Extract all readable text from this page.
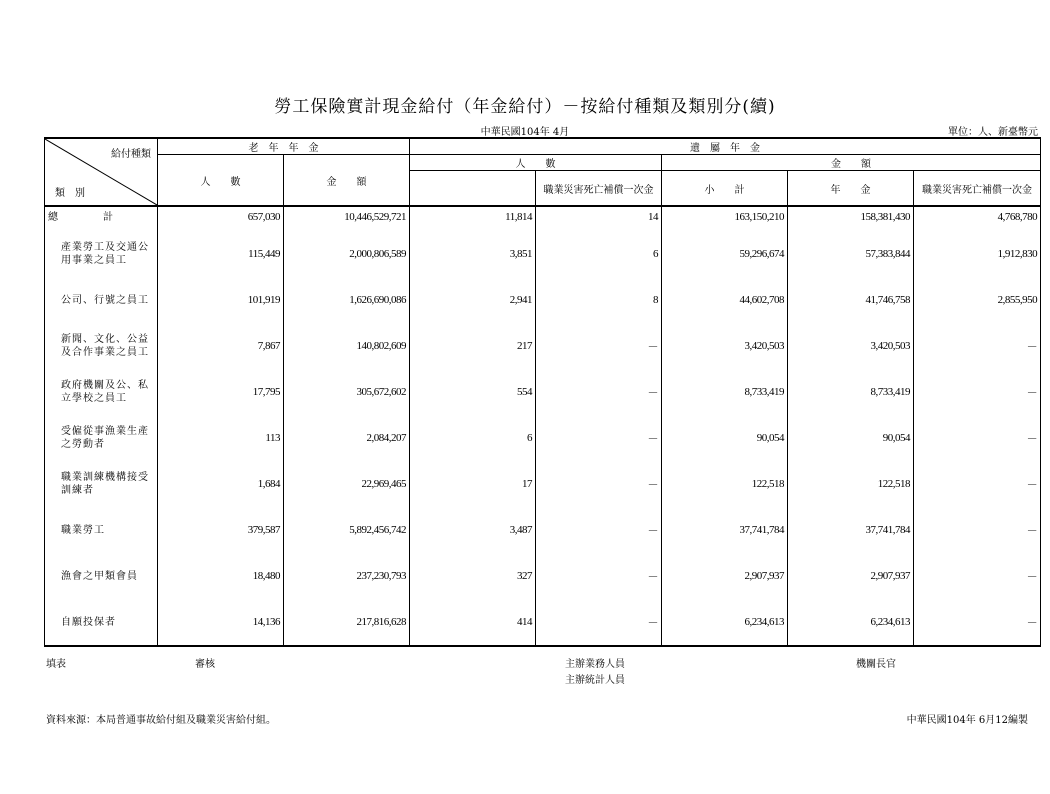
勞工保險實計現金給付（年金給付）－按給付種類及類別分(續)
中華民國104年 4月	單位：人、新臺幣元
給付種類
類　別	老　年　年　金		遺　屬　年　金				
	人　　數	金　　額	人　　數		金　　額		
				職業災害死亡補償一次金	小　　計	年　　金	職業災害死亡補償一次金
總　　　　計	657,030	10,446,529,721	11,814	14	163,150,210	158,381,430	4,768,780
產業勞工及交通公用事業之員工	115,449	2,000,806,589	3,851	6	59,296,674	57,383,844	1,912,830
公司、行號之員工	101,919	1,626,690,086	2,941	8	44,602,708	41,746,758	2,855,950
新聞、文化、公益及合作事業之員工	7,867	140,802,609	217	－	3,420,503	3,420,503	－
政府機關及公、私立學校之員工	17,795	305,672,602	554	－	8,733,419	8,733,419	－
受僱從事漁業生產之勞動者	113	2,084,207	6	－	90,054	90,054	－
職業訓練機構接受訓練者	1,684	22,969,465	17	－	122,518	122,518	－
職業勞工	379,587	5,892,456,742	3,487	－	37,741,784	37,741,784	－
漁會之甲類會員	18,480	237,230,793	327	－	2,907,937	2,907,937	－
自願投保者	14,136	217,816,628	414	－	6,234,613	6,234,613	－
填表	審核	主辦業務人員
主辦統計人員
機關長官
資料來源：本局普通事故給付組及職業災害給付組。	中華民國104年 6月12編製
